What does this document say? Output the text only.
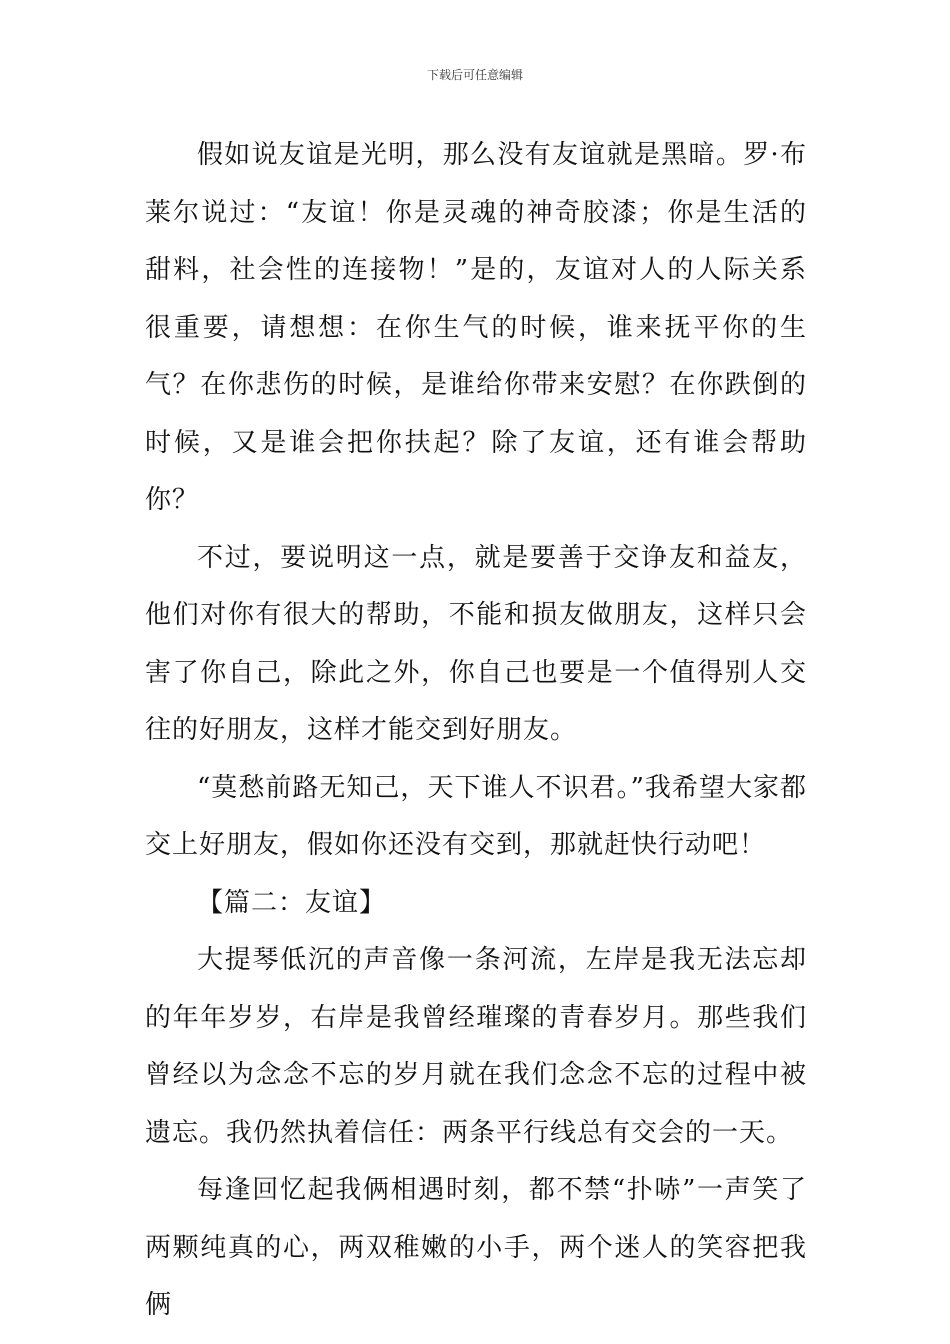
下载后可任意编辑

假如说友谊是光明，那么没有友谊就是黑暗。罗·布莱尔说过：“友谊！你是灵魂的神奇胶漆；你是生活的甜料，社会性的连接物！”是的，友谊对人的人际关系很重要，请想想：在你生气的时候，谁来抚平你的生气？在你悲伤的时候，是谁给你带来安慰？在你跌倒的时候，又是谁会把你扶起？除了友谊，还有谁会帮助你？

不过，要说明这一点，就是要善于交诤友和益友，他们对你有很大的帮助，不能和损友做朋友，这样只会害了你自己，除此之外，你自己也要是一个值得别人交往的好朋友，这样才能交到好朋友。

“莫愁前路无知己，天下谁人不识君。”我希望大家都交上好朋友，假如你还没有交到，那就赶快行动吧！

【篇二：友谊】

大提琴低沉的声音像一条河流，左岸是我无法忘却的年年岁岁，右岸是我曾经璀璨的青春岁月。那些我们曾经以为念念不忘的岁月就在我们念念不忘的过程中被遗忘。我仍然执着信任：两条平行线总有交会的一天。

每逢回忆起我俩相遇时刻，都不禁“扑哧”一声笑了两颗纯真的心，两双稚嫩的小手，两个迷人的笑容把我俩
